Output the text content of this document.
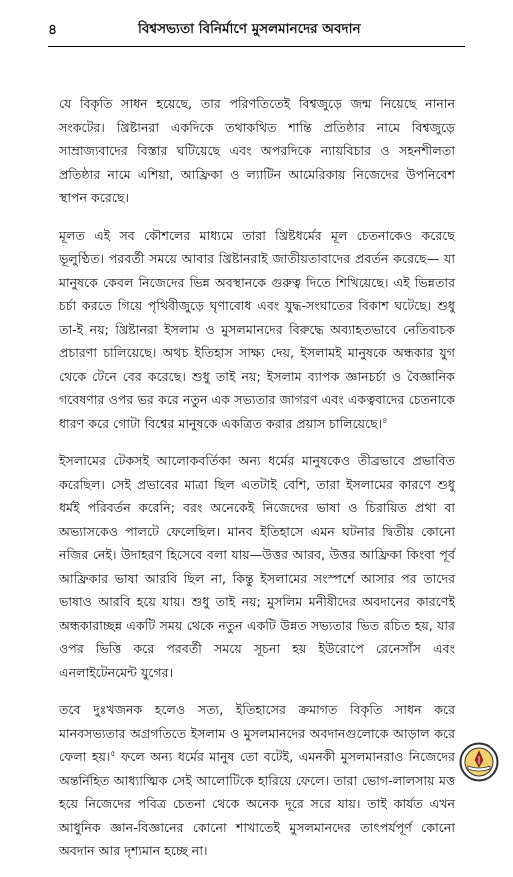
৪	বিশ্বসভ্যতা বিনির্মাণে মুসলমানদের অবদান

যে বিকৃতি সাধন হয়েছে, তার পরিণতিতেই বিশ্বজুড়ে জন্ম নিয়েছে নানান সংকটের। খ্রিষ্টানরা একদিকে তথাকথিত শান্তি প্রতিষ্ঠার নামে বিশ্বজুড়ে সাম্রাজ্যবাদের বিস্তার ঘটিয়েছে এবং অপরদিকে ন্যায়বিচার ও সহনশীলতা প্রতিষ্ঠার নামে এশিয়া, আফ্রিকা ও ল্যাটিন আমেরিকায় নিজেদের উপনিবেশ স্থাপন করেছে।

মূলত এই সব কৌশলের মাধ্যমে তারা খ্রিষ্টধর্মের মূল চেতনাকেও করেছে ভূলুণ্ঠিত। পরবর্তী সময়ে আবার খ্রিষ্টানরাই জাতীয়তাবাদের প্রবর্তন করেছে— যা মানুষকে কেবল নিজেদের ভিন্ন অবস্থানকে গুরুত্ব দিতে শিখিয়েছে। এই ভিন্নতার চর্চা করতে গিয়ে পৃথিবীজুড়ে ঘৃণাবোধ এবং যুদ্ধ-সংঘাতের বিকাশ ঘটেছে। শুধু তা-ই নয়; খ্রিষ্টানরা ইসলাম ও মুসলমানদের বিরুদ্ধে অব্যাহতভাবে নেতিবাচক প্রচারণা চালিয়েছে। অথচ ইতিহাস সাক্ষ্য দেয়, ইসলামই মানুষকে অন্ধকার যুগ থেকে টেনে বের করেছে। শুধু তাই নয়; ইসলাম ব্যাপক জ্ঞানচর্চা ও বৈজ্ঞানিক গবেষণার ওপর ভর করে নতুন এক সভ্যতার জাগরণ এবং একত্ববাদের চেতনাকে ধারণ করে গোটা বিশ্বের মানুষকে একত্রিত করার প্রয়াস চালিয়েছে।$^৪$

ইসলামের টেকসই আলোকবর্তিকা অন্য ধর্মের মানুষকেও তীব্রভাবে প্রভাবিত করেছিল। সেই প্রভাবের মাত্রা ছিল এতটাই বেশি, তারা ইসলামের কারণে শুধু ধর্মই পরিবর্তন করেনি; বরং অনেকেই নিজেদের ভাষা ও চিরায়িত প্রথা বা অভ্যাসকেও পালটে ফেলেছিল। মানব ইতিহাসে এমন ঘটনার দ্বিতীয় কোনো নজির নেই। উদাহরণ হিসেবে বলা যায়—উত্তর আরব, উত্তর আফ্রিকা কিংবা পূর্ব আফ্রিকার ভাষা আরবি ছিল না, কিন্তু ইসলামের সংস্পর্শে আসার পর তাদের ভাষাও আরবি হয়ে যায়। শুধু তাই নয়; মুসলিম মনীষীদের অবদানের কারণেই অন্ধকারাচ্ছন্ন একটি সময় থেকে নতুন একটি উন্নত সভ্যতার ভিত রচিত হয়, যার ওপর ভিত্তি করে পরবর্তী সময়ে সূচনা হয় ইউরোপে রেনেসাঁস এবং এনলাইটেনমেন্ট যুগের।

তবে দুঃখজনক হলেও সত্য, ইতিহাসের ক্রমাগত বিকৃতি সাধন করে মানবসভ্যতার অগ্রগতিতে ইসলাম ও মুসলমানদের অবদানগুলোকে আড়াল করে ফেলা হয়।$^৫$ ফলে অন্য ধর্মের মানুষ তো বটেই, এমনকী মুসলমানরাও নিজেদের অন্তর্নিহিত আধ্যাত্মিক সেই আলোটিকে হারিয়ে ফেলে। তারা ভোগ-লালসায় মত্ত হয়ে নিজেদের পবিত্র চেতনা থেকে অনেক দূরে সরে যায়। তাই কার্যত এখন আধুনিক জ্ঞান-বিজ্ঞানের কোনো শাখাতেই মুসলমানদের তাৎপর্যপূর্ণ কোনো অবদান আর দৃশ্যমান হচ্ছে না।
